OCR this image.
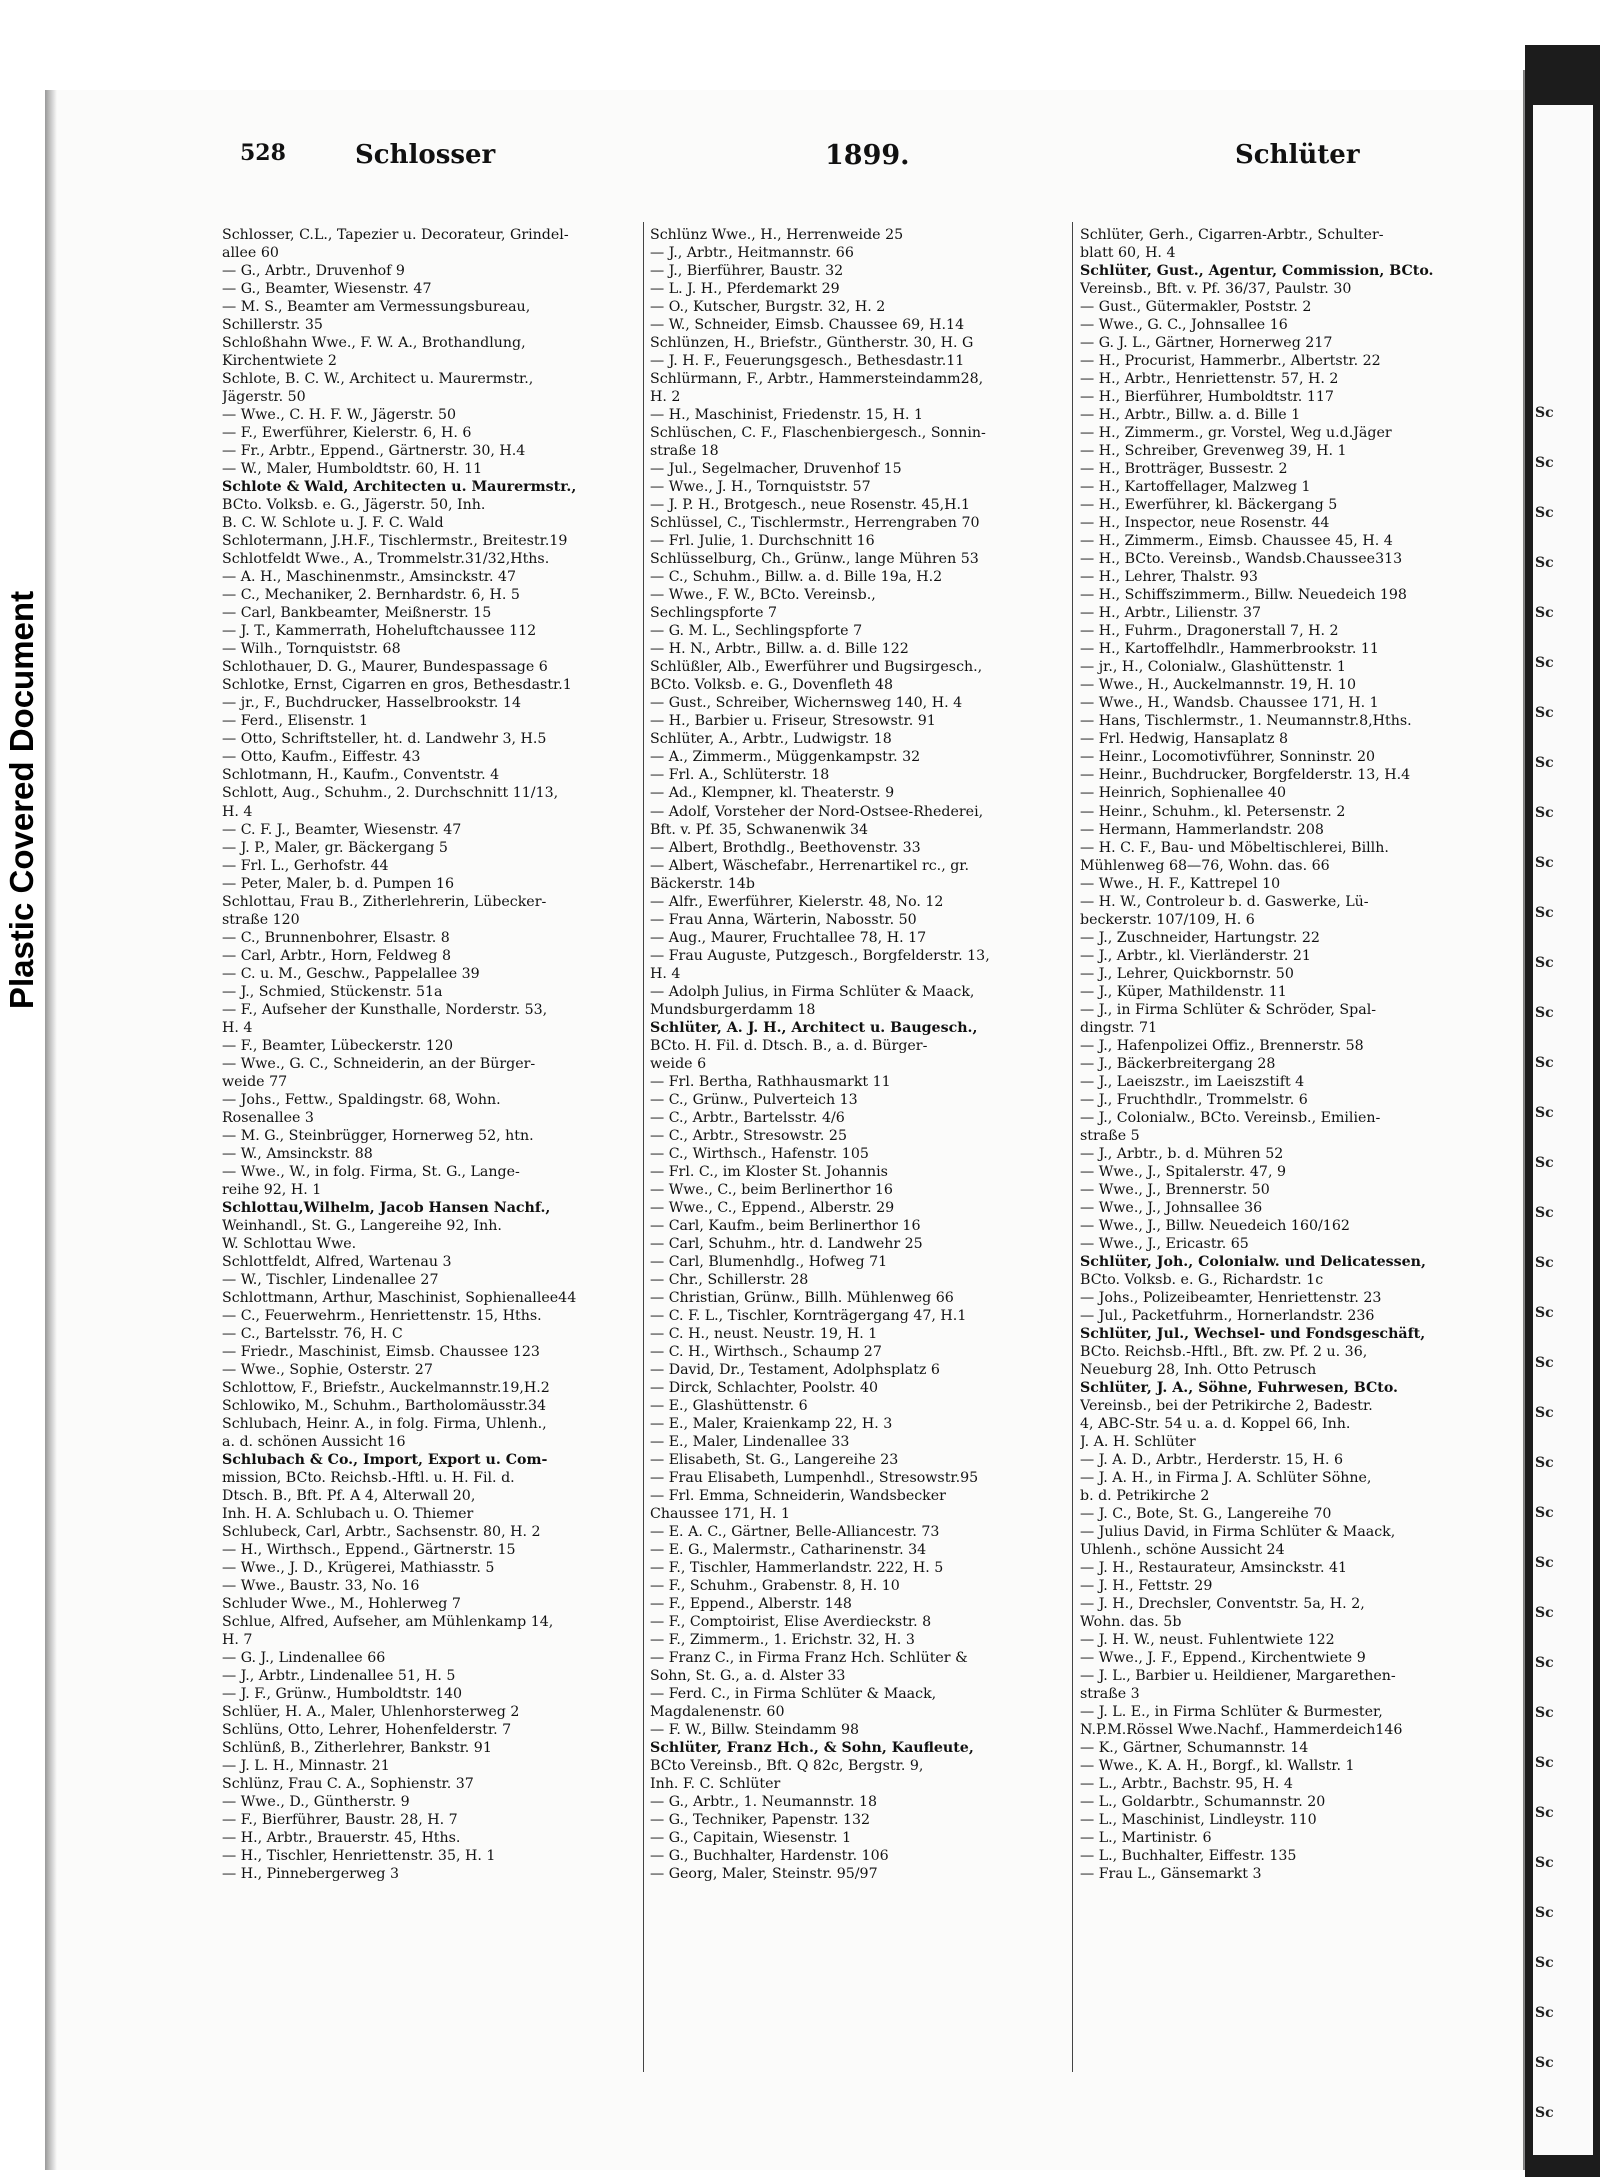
Plastic Covered Document
Sc
Sc
Sc
Sc
Sc
Sc
Sc
Sc
Sc
Sc
Sc
Sc
Sc
Sc
Sc
Sc
Sc
Sc
Sc
Sc
Sc
Sc
Sc
Sc
Sc
Sc
Sc
Sc
Sc
Sc
Sc
Sc
Sc
Sc
Sc
528	Schlosser	1899.	Schlüter
Schlosser, C.L., Tapezier u. Decorateur, Grindel-
allee 60
— G., Arbtr., Druvenhof 9
— G., Beamter, Wiesenstr. 47
— M. S., Beamter am Vermessungsbureau,
Schillerstr. 35
Schloßhahn Wwe., F. W. A., Brothandlung,
Kirchentwiete 2
Schlote, B. C. W., Architect u. Maurermstr.,
Jägerstr. 50
— Wwe., C. H. F. W., Jägerstr. 50
— F., Ewerführer, Kielerstr. 6, H. 6
— Fr., Arbtr., Eppend., Gärtnerstr. 30, H.4
— W., Maler, Humboldtstr. 60, H. 11
Schlote & Wald, Architecten u. Maurermstr.,
BCto. Volksb. e. G., Jägerstr. 50, Inh.
B. C. W. Schlote u. J. F. C. Wald
Schlotermann, J.H.F., Tischlermstr., Breitestr.19
Schlotfeldt Wwe., A., Trommelstr.31/32,Hths.
— A. H., Maschinenmstr., Amsinckstr. 47
— C., Mechaniker, 2. Bernhardstr. 6, H. 5
— Carl, Bankbeamter, Meißnerstr. 15
— J. T., Kammerrath, Hoheluftchaussee 112
— Wilh., Tornquiststr. 68
Schlothauer, D. G., Maurer, Bundespassage 6
Schlotke, Ernst, Cigarren en gros, Bethesdastr.1
— jr., F., Buchdrucker, Hasselbrookstr. 14
— Ferd., Elisenstr. 1
— Otto, Schriftsteller, ht. d. Landwehr 3, H.5
— Otto, Kaufm., Eiffestr. 43
Schlotmann, H., Kaufm., Conventstr. 4
Schlott, Aug., Schuhm., 2. Durchschnitt 11/13,
H. 4
— C. F. J., Beamter, Wiesenstr. 47
— J. P., Maler, gr. Bäckergang 5
— Frl. L., Gerhofstr. 44
— Peter, Maler, b. d. Pumpen 16
Schlottau, Frau B., Zitherlehrerin, Lübecker-
straße 120
— C., Brunnenbohrer, Elsastr. 8
— Carl, Arbtr., Horn, Feldweg 8
— C. u. M., Geschw., Pappelallee 39
— J., Schmied, Stückenstr. 51a
— F., Aufseher der Kunsthalle, Norderstr. 53,
H. 4
— F., Beamter, Lübeckerstr. 120
— Wwe., G. C., Schneiderin, an der Bürger-
weide 77
— Johs., Fettw., Spaldingstr. 68, Wohn.
Rosenallee 3
— M. G., Steinbrügger, Hornerweg 52, htn.
— W., Amsinckstr. 88
— Wwe., W., in folg. Firma, St. G., Lange-
reihe 92, H. 1
Schlottau,Wilhelm, Jacob Hansen Nachf.,
Weinhandl., St. G., Langereihe 92, Inh.
W. Schlottau Wwe.
Schlottfeldt, Alfred, Wartenau 3
— W., Tischler, Lindenallee 27
Schlottmann, Arthur, Maschinist, Sophienallee44
— C., Feuerwehrm., Henriettenstr. 15, Hths.
— C., Bartelsstr. 76, H. C
— Friedr., Maschinist, Eimsb. Chaussee 123
— Wwe., Sophie, Osterstr. 27
Schlottow, F., Briefstr., Auckelmannstr.19,H.2
Schlowiko, M., Schuhm., Bartholomäusstr.34
Schlubach, Heinr. A., in folg. Firma, Uhlenh.,
a. d. schönen Aussicht 16
Schlubach & Co., Import, Export u. Com-
mission, BCto. Reichsb.-Hftl. u. H. Fil. d.
Dtsch. B., Bft. Pf. A 4, Alterwall 20,
Inh. H. A. Schlubach u. O. Thiemer
Schlubeck, Carl, Arbtr., Sachsenstr. 80, H. 2
— H., Wirthsch., Eppend., Gärtnerstr. 15
— Wwe., J. D., Krügerei, Mathiasstr. 5
— Wwe., Baustr. 33, No. 16
Schluder Wwe., M., Hohlerweg 7
Schlue, Alfred, Aufseher, am Mühlenkamp 14,
H. 7
— G. J., Lindenallee 66
— J., Arbtr., Lindenallee 51, H. 5
— J. F., Grünw., Humboldtstr. 140
Schlüer, H. A., Maler, Uhlenhorsterweg 2
Schlüns, Otto, Lehrer, Hohenfelderstr. 7
Schlünß, B., Zitherlehrer, Bankstr. 91
— J. L. H., Minnastr. 21
Schlünz, Frau C. A., Sophienstr. 37
— Wwe., D., Güntherstr. 9
— F., Bierführer, Baustr. 28, H. 7
— H., Arbtr., Brauerstr. 45, Hths.
— H., Tischler, Henriettenstr. 35, H. 1
— H., Pinnebergerweg 3
Schlünz Wwe., H., Herrenweide 25
— J., Arbtr., Heitmannstr. 66
— J., Bierführer, Baustr. 32
— L. J. H., Pferdemarkt 29
— O., Kutscher, Burgstr. 32, H. 2
— W., Schneider, Eimsb. Chaussee 69, H.14
Schlünzen, H., Briefstr., Güntherstr. 30, H. G
— J. H. F., Feuerungsgesch., Bethesdastr.11
Schlürmann, F., Arbtr., Hammersteindamm28,
H. 2
— H., Maschinist, Friedenstr. 15, H. 1
Schlüschen, C. F., Flaschenbiergesch., Sonnin-
straße 18
— Jul., Segelmacher, Druvenhof 15
— Wwe., J. H., Tornquiststr. 57
— J. P. H., Brotgesch., neue Rosenstr. 45,H.1
Schlüssel, C., Tischlermstr., Herrengraben 70
— Frl. Julie, 1. Durchschnitt 16
Schlüsselburg, Ch., Grünw., lange Mühren 53
— C., Schuhm., Billw. a. d. Bille 19a, H.2
— Wwe., F. W., BCto. Vereinsb.,
Sechlingspforte 7
— G. M. L., Sechlingspforte 7
— H. N., Arbtr., Billw. a. d. Bille 122
Schlüßler, Alb., Ewerführer und Bugsirgesch.,
BCto. Volksb. e. G., Dovenfleth 48
— Gust., Schreiber, Wichernsweg 140, H. 4
— H., Barbier u. Friseur, Stresowstr. 91
Schlüter, A., Arbtr., Ludwigstr. 18
— A., Zimmerm., Müggenkampstr. 32
— Frl. A., Schlüterstr. 18
— Ad., Klempner, kl. Theaterstr. 9
— Adolf, Vorsteher der Nord-Ostsee-Rhederei,
Bft. v. Pf. 35, Schwanenwik 34
— Albert, Brothdlg., Beethovenstr. 33
— Albert, Wäschefabr., Herrenartikel rc., gr.
Bäckerstr. 14b
— Alfr., Ewerführer, Kielerstr. 48, No. 12
— Frau Anna, Wärterin, Nabosstr. 50
— Aug., Maurer, Fruchtallee 78, H. 17
— Frau Auguste, Putzgesch., Borgfelderstr. 13,
H. 4
— Adolph Julius, in Firma Schlüter & Maack,
Mundsburgerdamm 18
Schlüter, A. J. H., Architect u. Baugesch.,
BCto. H. Fil. d. Dtsch. B., a. d. Bürger-
weide 6
— Frl. Bertha, Rathhausmarkt 11
— C., Grünw., Pulverteich 13
— C., Arbtr., Bartelsstr. 4/6
— C., Arbtr., Stresowstr. 25
— C., Wirthsch., Hafenstr. 105
— Frl. C., im Kloster St. Johannis
— Wwe., C., beim Berlinerthor 16
— Wwe., C., Eppend., Alberstr. 29
— Carl, Kaufm., beim Berlinerthor 16
— Carl, Schuhm., htr. d. Landwehr 25
— Carl, Blumenhdlg., Hofweg 71
— Chr., Schillerstr. 28
— Christian, Grünw., Billh. Mühlenweg 66
— C. F. L., Tischler, Kornträgergang 47, H.1
— C. H., neust. Neustr. 19, H. 1
— C. H., Wirthsch., Schaump 27
— David, Dr., Testament, Adolphsplatz 6
— Dirck, Schlachter, Poolstr. 40
— E., Glashüttenstr. 6
— E., Maler, Kraienkamp 22, H. 3
— E., Maler, Lindenallee 33
— Elisabeth, St. G., Langereihe 23
— Frau Elisabeth, Lumpenhdl., Stresowstr.95
— Frl. Emma, Schneiderin, Wandsbecker
Chaussee 171, H. 1
— E. A. C., Gärtner, Belle-Alliancestr. 73
— E. G., Malermstr., Catharinenstr. 34
— F., Tischler, Hammerlandstr. 222, H. 5
— F., Schuhm., Grabenstr. 8, H. 10
— F., Eppend., Alberstr. 148
— F., Comptoirist, Elise Averdieckstr. 8
— F., Zimmerm., 1. Erichstr. 32, H. 3
— Franz C., in Firma Franz Hch. Schlüter &
Sohn, St. G., a. d. Alster 33
— Ferd. C., in Firma Schlüter & Maack,
Magdalenenstr. 60
— F. W., Billw. Steindamm 98
Schlüter, Franz Hch., & Sohn, Kaufleute,
BCto Vereinsb., Bft. Q 82c, Bergstr. 9,
Inh. F. C. Schlüter
— G., Arbtr., 1. Neumannstr. 18
— G., Techniker, Papenstr. 132
— G., Capitain, Wiesenstr. 1
— G., Buchhalter, Hardenstr. 106
— Georg, Maler, Steinstr. 95/97
Schlüter, Gerh., Cigarren-Arbtr., Schulter-
blatt 60, H. 4
Schlüter, Gust., Agentur, Commission, BCto.
Vereinsb., Bft. v. Pf. 36/37, Paulstr. 30
— Gust., Gütermakler, Poststr. 2
— Wwe., G. C., Johnsallee 16
— G. J. L., Gärtner, Hornerweg 217
— H., Procurist, Hammerbr., Albertstr. 22
— H., Arbtr., Henriettenstr. 57, H. 2
— H., Bierführer, Humboldtstr. 117
— H., Arbtr., Billw. a. d. Bille 1
— H., Zimmerm., gr. Vorstel, Weg u.d.Jäger
— H., Schreiber, Grevenweg 39, H. 1
— H., Brotträger, Bussestr. 2
— H., Kartoffellager, Malzweg 1
— H., Ewerführer, kl. Bäckergang 5
— H., Inspector, neue Rosenstr. 44
— H., Zimmerm., Eimsb. Chaussee 45, H. 4
— H., BCto. Vereinsb., Wandsb.Chaussee313
— H., Lehrer, Thalstr. 93
— H., Schiffszimmerm., Billw. Neuedeich 198
— H., Arbtr., Lilienstr. 37
— H., Fuhrm., Dragonerstall 7, H. 2
— H., Kartoffelhdlr., Hammerbrookstr. 11
— jr., H., Colonialw., Glashüttenstr. 1
— Wwe., H., Auckelmannstr. 19, H. 10
— Wwe., H., Wandsb. Chaussee 171, H. 1
— Hans, Tischlermstr., 1. Neumannstr.8,Hths.
— Frl. Hedwig, Hansaplatz 8
— Heinr., Locomotivführer, Sonninstr. 20
— Heinr., Buchdrucker, Borgfelderstr. 13, H.4
— Heinrich, Sophienallee 40
— Heinr., Schuhm., kl. Petersenstr. 2
— Hermann, Hammerlandstr. 208
— H. C. F., Bau- und Möbeltischlerei, Billh.
Mühlenweg 68—76, Wohn. das. 66
— Wwe., H. F., Kattrepel 10
— H. W., Controleur b. d. Gaswerke, Lü-
beckerstr. 107/109, H. 6
— J., Zuschneider, Hartungstr. 22
— J., Arbtr., kl. Vierländerstr. 21
— J., Lehrer, Quickbornstr. 50
— J., Küper, Mathildenstr. 11
— J., in Firma Schlüter & Schröder, Spal-
dingstr. 71
— J., Hafenpolizei Offiz., Brennerstr. 58
— J., Bäckerbreitergang 28
— J., Laeiszstr., im Laeiszstift 4
— J., Fruchthdlr., Trommelstr. 6
— J., Colonialw., BCto. Vereinsb., Emilien-
straße 5
— J., Arbtr., b. d. Mühren 52
— Wwe., J., Spitalerstr. 47, 9
— Wwe., J., Brennerstr. 50
— Wwe., J., Johnsallee 36
— Wwe., J., Billw. Neuedeich 160/162
— Wwe., J., Ericastr. 65
Schlüter, Joh., Colonialw. und Delicatessen,
BCto. Volksb. e. G., Richardstr. 1c
— Johs., Polizeibeamter, Henriettenstr. 23
— Jul., Packetfuhrm., Hornerlandstr. 236
Schlüter, Jul., Wechsel- und Fondsgeschäft,
BCto. Reichsb.-Hftl., Bft. zw. Pf. 2 u. 36,
Neueburg 28, Inh. Otto Petrusch
Schlüter, J. A., Söhne, Fuhrwesen, BCto.
Vereinsb., bei der Petrikirche 2, Badestr.
4, ABC-Str. 54 u. a. d. Koppel 66, Inh.
J. A. H. Schlüter
— J. A. D., Arbtr., Herderstr. 15, H. 6
— J. A. H., in Firma J. A. Schlüter Söhne,
b. d. Petrikirche 2
— J. C., Bote, St. G., Langereihe 70
— Julius David, in Firma Schlüter & Maack,
Uhlenh., schöne Aussicht 24
— J. H., Restaurateur, Amsinckstr. 41
— J. H., Fettstr. 29
— J. H., Drechsler, Conventstr. 5a, H. 2,
Wohn. das. 5b
— J. H. W., neust. Fuhlentwiete 122
— Wwe., J. F., Eppend., Kirchentwiete 9
— J. L., Barbier u. Heildiener, Margarethen-
straße 3
— J. L. E., in Firma Schlüter & Burmester,
N.P.M.Rössel Wwe.Nachf., Hammerdeich146
— K., Gärtner, Schumannstr. 14
— Wwe., K. A. H., Borgf., kl. Wallstr. 1
— L., Arbtr., Bachstr. 95, H. 4
— L., Goldarbtr., Schumannstr. 20
— L., Maschinist, Lindleystr. 110
— L., Martinistr. 6
— L., Buchhalter, Eiffestr. 135
— Frau L., Gänsemarkt 3
